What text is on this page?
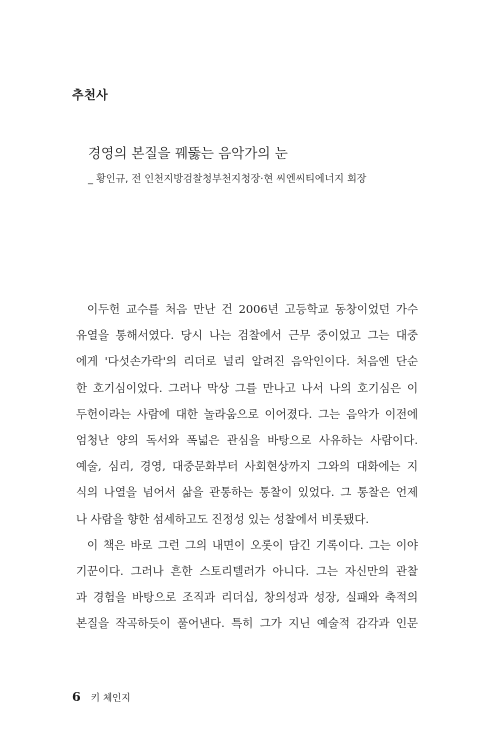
추천사
경영의 본질을 꿰뚫는 음악가의 눈
_ 황인규, 전 인천지방검찰청부천지청장·현 씨엔씨티에너지 회장
이두헌 교수를 처음 만난 건 2006년 고등학교 동창이었던 가수
유열을 통해서였다. 당시 나는 검찰에서 근무 중이었고 그는 대중
에게 '다섯손가락'의 리더로 널리 알려진 음악인이다. 처음엔 단순
한 호기심이었다. 그러나 막상 그를 만나고 나서 나의 호기심은 이
두헌이라는 사람에 대한 놀라움으로 이어졌다. 그는 음악가 이전에
엄청난 양의 독서와 폭넓은 관심을 바탕으로 사유하는 사람이다.
예술, 심리, 경영, 대중문화부터 사회현상까지 그와의 대화에는 지
식의 나열을 넘어서 삶을 관통하는 통찰이 있었다. 그 통찰은 언제
나 사람을 향한 섬세하고도 진정성 있는 성찰에서 비롯됐다.
이 책은 바로 그런 그의 내면이 오롯이 담긴 기록이다. 그는 이야
기꾼이다. 그러나 흔한 스토리텔러가 아니다. 그는 자신만의 관찰
과 경험을 바탕으로 조직과 리더십, 창의성과 성장, 실패와 축적의
본질을 작곡하듯이 풀어낸다. 특히 그가 지닌 예술적 감각과 인문
6 키 체인지
